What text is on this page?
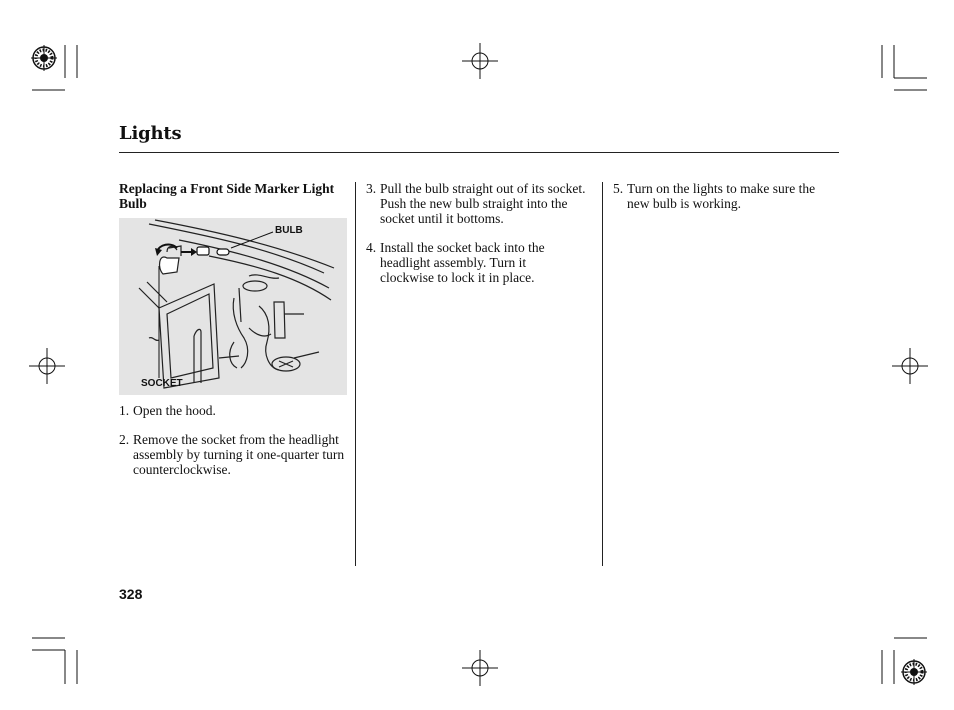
Lights
Replacing a Front Side Marker Light Bulb
BULB
SOCKET
1. Open the hood.
2. Remove the socket from the headlight assembly by turning it one-quarter turn counterclockwise.
3. Pull the bulb straight out of its socket. Push the new bulb straight into the socket until it bottoms.
4. Install the socket back into the headlight assembly. Turn it clockwise to lock it in place.
5. Turn on the lights to make sure the new bulb is working.
328
